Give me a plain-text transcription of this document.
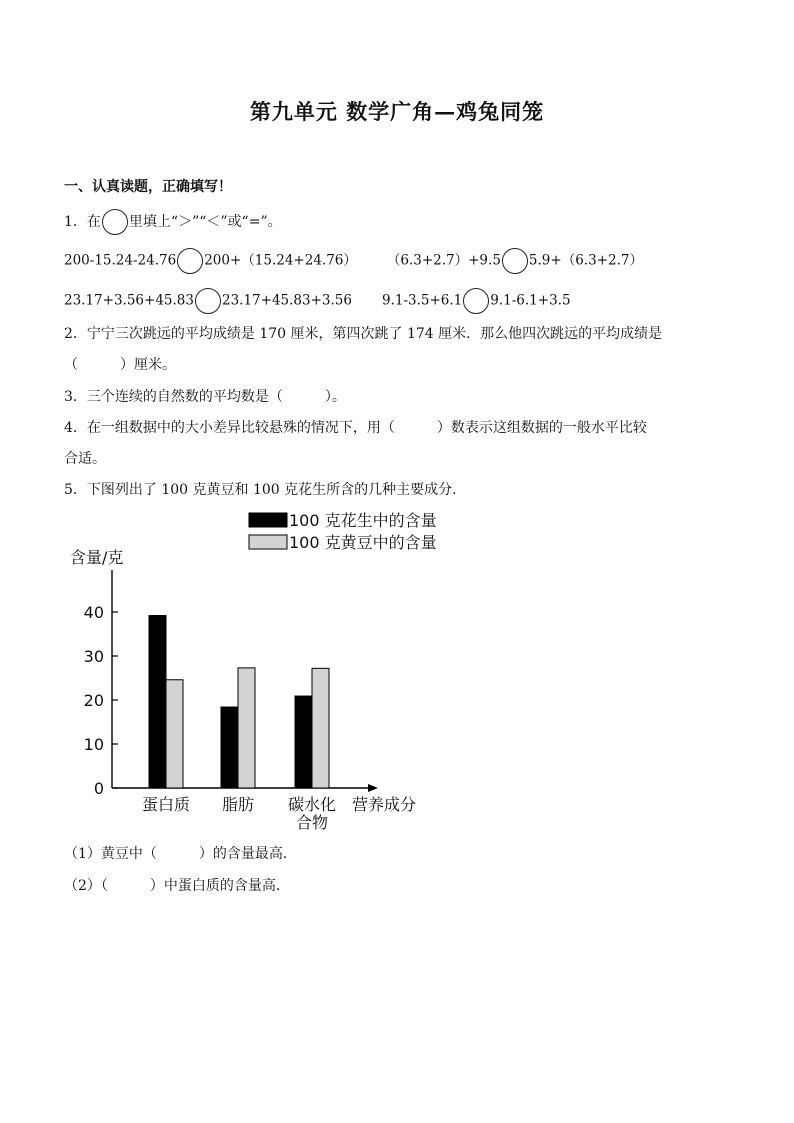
第九单元 数学广角—鸡兔同笼
一、认真读题，正确填写！
1．在 里填上“＞”“＜”或“=”。
200-15.24-24.76 200+（15.24+24.76） （6.3+2.7）+9.5 5.9+（6.3+2.7）
23.17+3.56+45.83 23.17+45.83+3.56 9.1-3.5+6.1 9.1-6.1+3.5
2．宁宁三次跳远的平均成绩是 170 厘米，第四次跳了 174 厘米．那么他四次跳远的平均成绩是
（　　　）厘米。
3．三个连续的自然数的平均数是（　　　）。
4．在一组数据中的大小差异比较悬殊的情况下，用（　　　）数表示这组数据的一般水平比较
合适。
5．下图列出了 100 克黄豆和 100 克花生所含的几种主要成分．
100 克花生中的含量
100 克黄豆中的含量
含量/克
0
10
20
30
40
蛋白质 脂肪 碳水化
合物
营养成分
（1）黄豆中（　　　）的含量最高．
（2）（　　　）中蛋白质的含量高．
